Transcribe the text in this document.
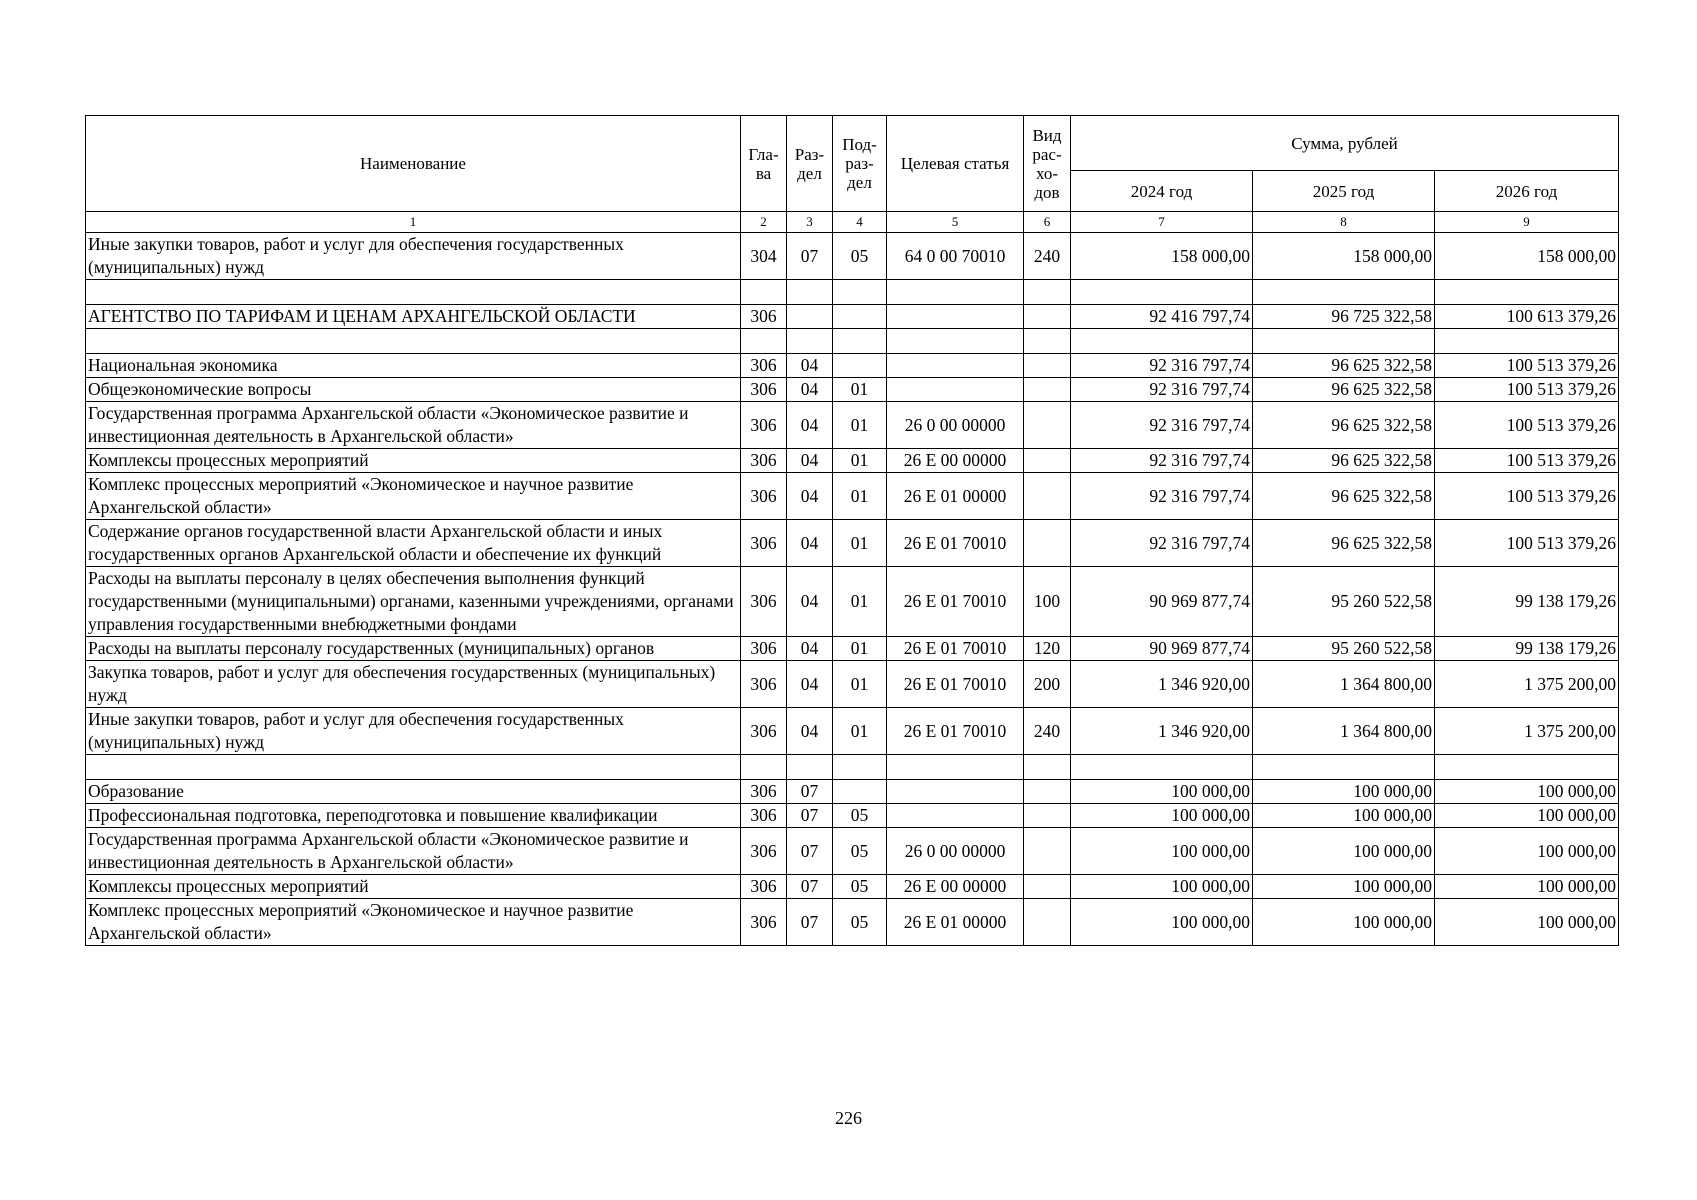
Наименование	Гла-ва	Раз-дел	Под-раз-дел	Целевая статья	Вид рас-хо-дов	Сумма, рублей		
						2024 год	2025 год	2026 год
1	2	3	4	5	6	7	8	9
Иные закупки товаров, работ и услуг для обеспечения государственных (муниципальных) нужд	304	07	05	64 0 00 70010	240	158 000,00	158 000,00	158 000,00

АГЕНТСТВО ПО ТАРИФАМ И ЦЕНАМ АРХАНГЕЛЬСКОЙ ОБЛАСТИ	306					92 416 797,74	96 725 322,58	100 613 379,26

Национальная экономика	306	04				92 316 797,74	96 625 322,58	100 513 379,26
Общеэкономические вопросы	306	04	01			92 316 797,74	96 625 322,58	100 513 379,26
Государственная программа Архангельской области «Экономическое развитие и инвестиционная деятельность в Архангельской области»	306	04	01	26 0 00 00000		92 316 797,74	96 625 322,58	100 513 379,26
Комплексы процессных мероприятий	306	04	01	26 Е 00 00000		92 316 797,74	96 625 322,58	100 513 379,26
Комплекс процессных мероприятий «Экономическое и научное развитие Архангельской области»	306	04	01	26 Е 01 00000		92 316 797,74	96 625 322,58	100 513 379,26
Содержание органов государственной власти Архангельской области и иных государственных органов Архангельской области и обеспечение их функций	306	04	01	26 Е 01 70010		92 316 797,74	96 625 322,58	100 513 379,26
Расходы на выплаты персоналу в целях обеспечения выполнения функций государственными (муниципальными) органами, казенными учреждениями, органами управления государственными внебюджетными фондами	306	04	01	26 Е 01 70010	100	90 969 877,74	95 260 522,58	99 138 179,26
Расходы на выплаты персоналу государственных (муниципальных) органов	306	04	01	26 Е 01 70010	120	90 969 877,74	95 260 522,58	99 138 179,26
Закупка товаров, работ и услуг для обеспечения государственных (муниципальных) нужд	306	04	01	26 Е 01 70010	200	1 346 920,00	1 364 800,00	1 375 200,00
Иные закупки товаров, работ и услуг для обеспечения государственных (муниципальных) нужд	306	04	01	26 Е 01 70010	240	1 346 920,00	1 364 800,00	1 375 200,00

Образование	306	07				100 000,00	100 000,00	100 000,00
Профессиональная подготовка, переподготовка и повышение квалификации	306	07	05			100 000,00	100 000,00	100 000,00
Государственная программа Архангельской области «Экономическое развитие и инвестиционная деятельность в Архангельской области»	306	07	05	26 0 00 00000		100 000,00	100 000,00	100 000,00
Комплексы процессных мероприятий	306	07	05	26 Е 00 00000		100 000,00	100 000,00	100 000,00
Комплекс процессных мероприятий «Экономическое и научное развитие Архангельской области»	306	07	05	26 Е 01 00000		100 000,00	100 000,00	100 000,00
226
